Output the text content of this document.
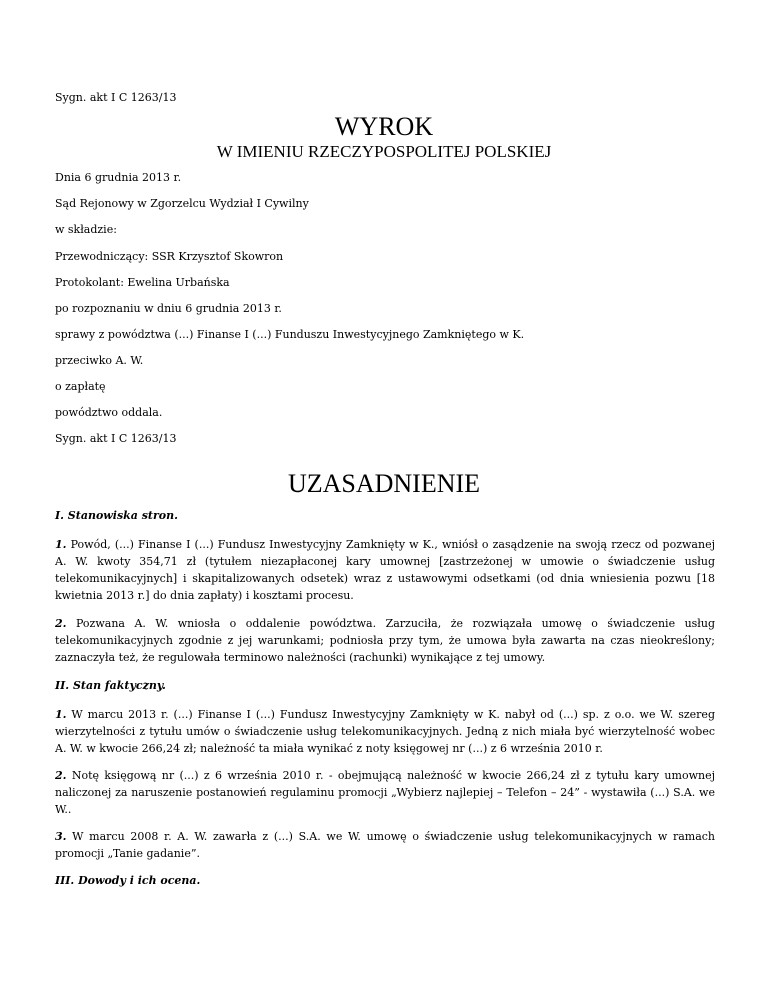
Sygn. akt I C 1263/13

WYROK
W IMIENIU RZECZYPOSPOLITEJ POLSKIEJ

Dnia 6 grudnia 2013 r.

Sąd Rejonowy w Zgorzelcu Wydział I Cywilny

w składzie:

Przewodniczący: SSR Krzysztof Skowron

Protokolant: Ewelina Urbańska

po rozpoznaniu w dniu 6 grudnia 2013 r.

sprawy z powództwa (...) Finanse I (...) Funduszu Inwestycyjnego Zamkniętego w K.

przeciwko A. W.

o zapłatę

powództwo oddala.

Sygn. akt I C 1263/13

UZASADNIENIE

I. Stanowiska stron.

1. Powód, (...) Finanse I (...) Fundusz Inwestycyjny Zamknięty w K., wniósł o zasądzenie na swoją rzecz od pozwanej A. W. kwoty 354,71 zł (tytułem niezapłaconej kary umownej [zastrzeżonej w umowie o świadczenie usług telekomunikacyjnych] i skapitalizowanych odsetek) wraz z ustawowymi odsetkami (od dnia wniesienia pozwu [18 kwietnia 2013 r.] do dnia zapłaty) i kosztami procesu.

2. Pozwana A. W. wniosła o oddalenie powództwa. Zarzuciła, że rozwiązała umowę o świadczenie usług telekomunikacyjnych zgodnie z jej warunkami; podniosła przy tym, że umowa była zawarta na czas nieokreślony; zaznaczyła też, że regulowała terminowo należności (rachunki) wynikające z tej umowy.

II. Stan faktyczny.

1. W marcu 2013 r. (...) Finanse I (...) Fundusz Inwestycyjny Zamknięty w K. nabył od (...) sp. z o.o. we W. szereg wierzytelności z tytułu umów o świadczenie usług telekomunikacyjnych. Jedną z nich miała być wierzytelność wobec A. W. w kwocie 266,24 zł; należność ta miała wynikać z noty księgowej nr (...) z 6 września 2010 r.

2. Notę księgową nr (...) z 6 września 2010 r. - obejmującą należność w kwocie 266,24 zł z tytułu kary umownej naliczonej za naruszenie postanowień regulaminu promocji „Wybierz najlepiej – Telefon – 24” - wystawiła (...) S.A. we W..

3. W marcu 2008 r. A. W. zawarła z (...) S.A. we W. umowę o świadczenie usług telekomunikacyjnych w ramach promocji „Tanie gadanie”.

III. Dowody i ich ocena.
